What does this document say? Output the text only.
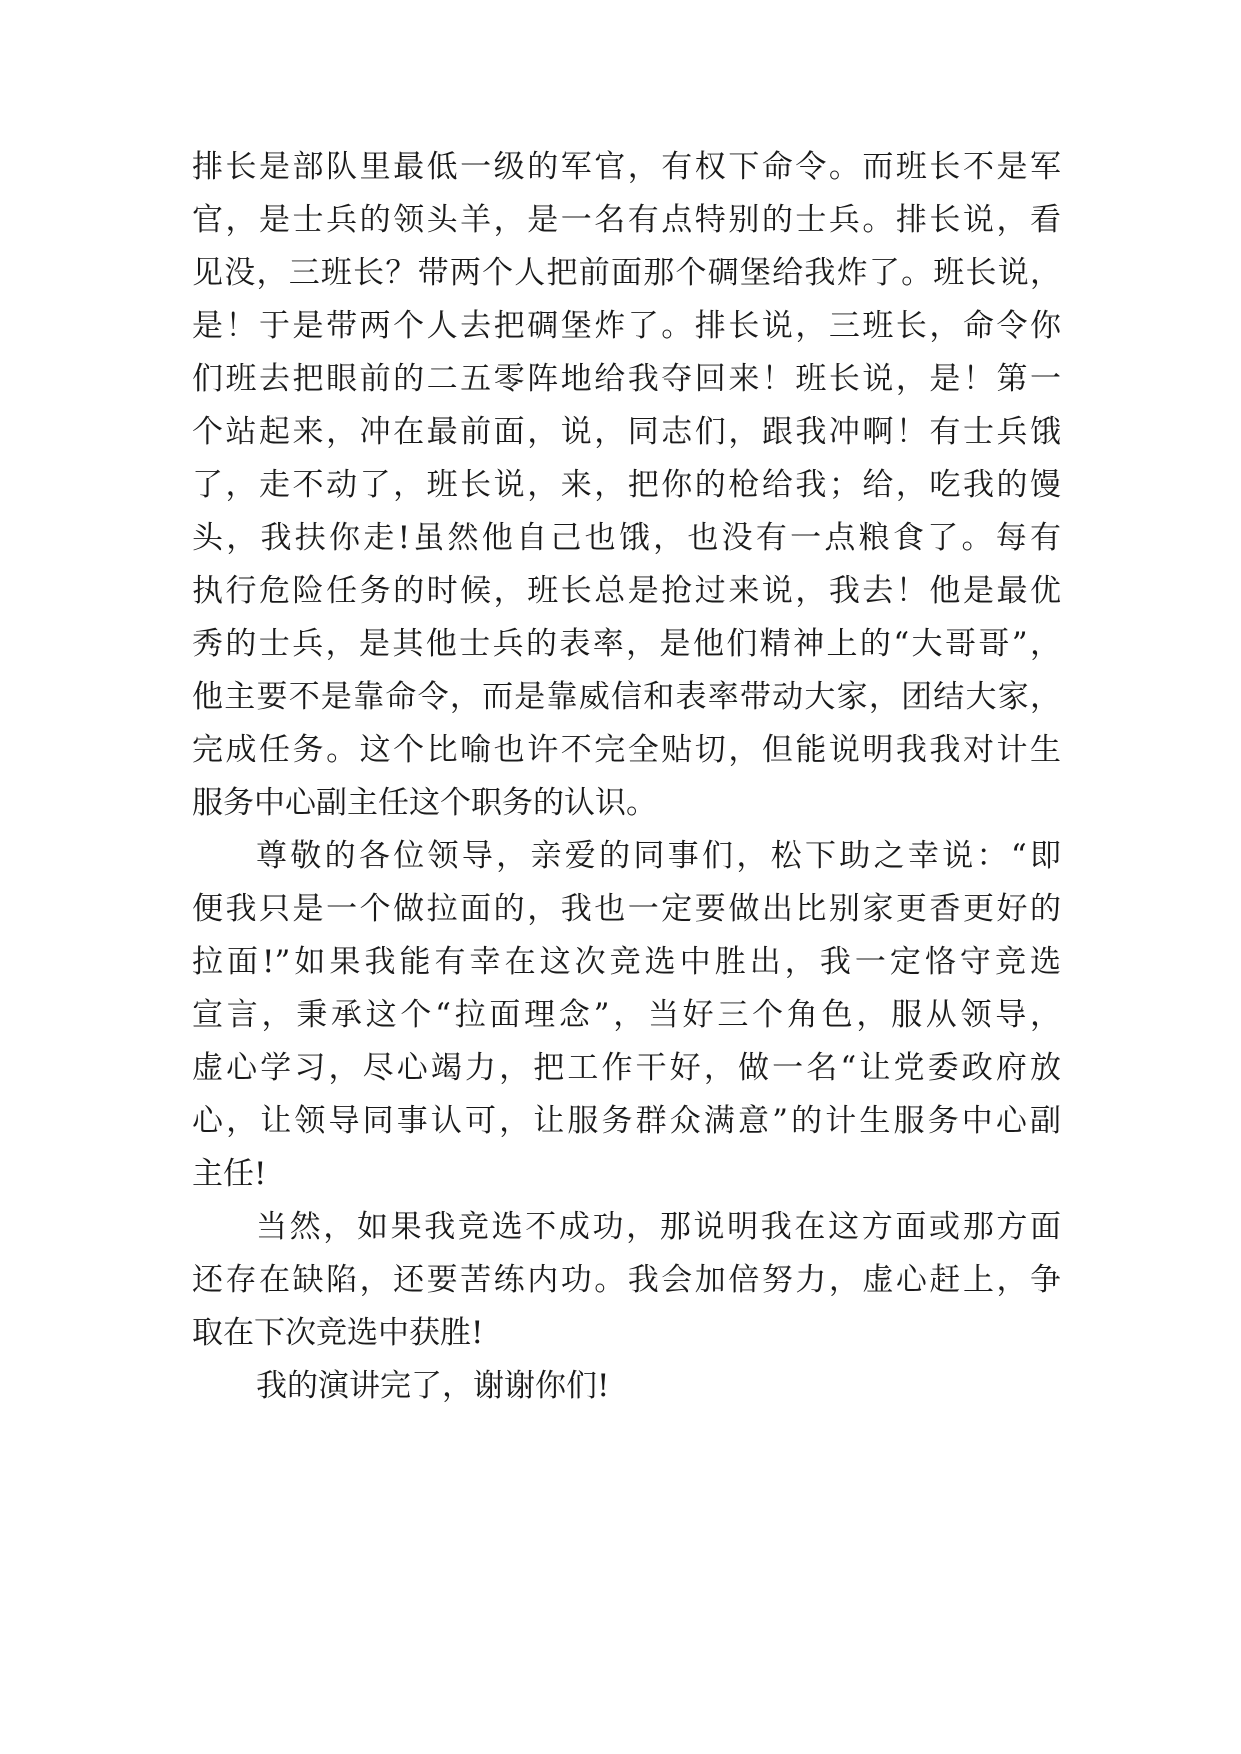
排长是部队里最低一级的军官，有权下命令。而班长不是军
官，是士兵的领头羊，是一名有点特别的士兵。排长说，看
见没，三班长？带两个人把前面那个碉堡给我炸了。班长说，
是！于是带两个人去把碉堡炸了。排长说，三班长，命令你
们班去把眼前的二五零阵地给我夺回来！班长说，是！第一
个站起来，冲在最前面，说，同志们，跟我冲啊！有士兵饿
了，走不动了，班长说，来，把你的枪给我；给，吃我的馒
头，我扶你走!虽然他自己也饿，也没有一点粮食了。每有
执行危险任务的时候，班长总是抢过来说，我去！他是最优
秀的士兵，是其他士兵的表率，是他们精神上的“大哥哥”，
他主要不是靠命令，而是靠威信和表率带动大家，团结大家，
完成任务。这个比喻也许不完全贴切，但能说明我我对计生
服务中心副主任这个职务的认识。
尊敬的各位领导，亲爱的同事们，松下助之幸说：“即
便我只是一个做拉面的，我也一定要做出比别家更香更好的
拉面!”如果我能有幸在这次竞选中胜出，我一定恪守竞选
宣言，秉承这个“拉面理念”，当好三个角色，服从领导，
虚心学习，尽心竭力，把工作干好，做一名“让党委政府放
心，让领导同事认可，让服务群众满意”的计生服务中心副
主任!
当然，如果我竞选不成功，那说明我在这方面或那方面
还存在缺陷，还要苦练内功。我会加倍努力，虚心赶上，争
取在下次竞选中获胜!
我的演讲完了，谢谢你们!
